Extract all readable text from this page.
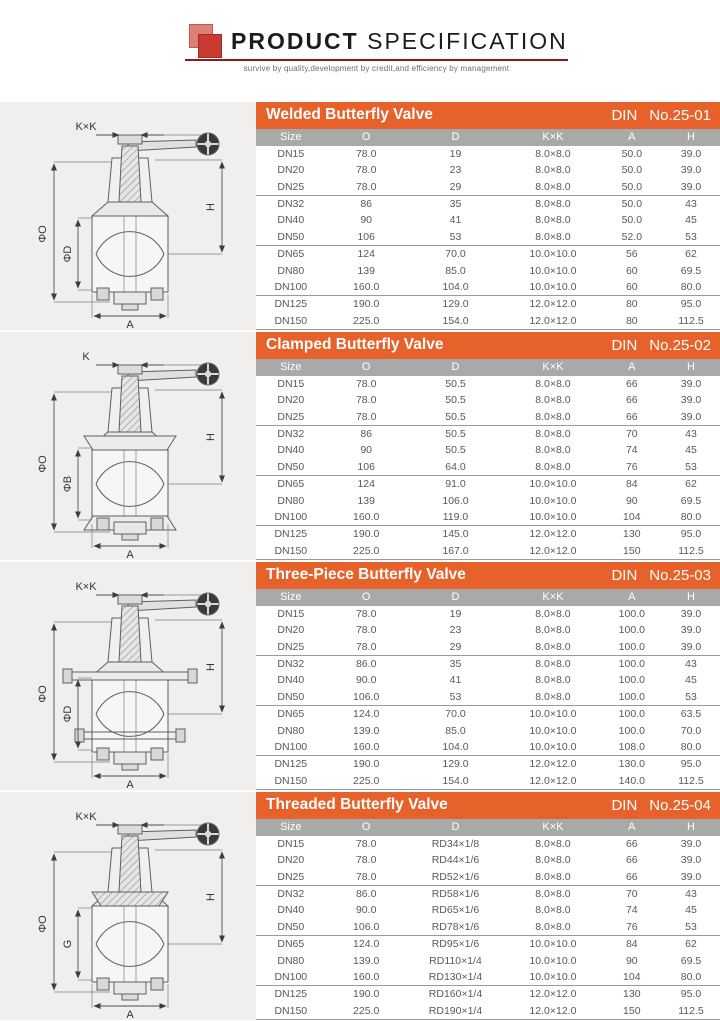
PRODUCT SPECIFICATION
survive by quality,development by credit,and efficiency by management
K×K
ΦO
ΦD
H
A
Welded Butterfly Valve	DIN No.25-01
Size	O	D	K×K	A	H
DN15	78.0	19	8.0×8.0	50.0	39.0
DN20	78.0	23	8.0×8.0	50.0	39.0
DN25	78.0	29	8.0×8.0	50.0	39.0
DN32	86	35	8.0×8.0	50.0	43
DN40	90	41	8.0×8.0	50.0	45
DN50	106	53	8.0×8.0	52.0	53
DN65	124	70.0	10.0×10.0	56	62
DN80	139	85.0	10.0×10.0	60	69.5
DN100	160.0	104.0	10.0×10.0	60	80.0
DN125	190.0	129.0	12.0×12.0	80	95.0
DN150	225.0	154.0	12.0×12.0	80	112.5
K
ΦO
ΦB
H
A
Clamped Butterfly Valve	DIN No.25-02
Size	O	D	K×K	A	H
DN15	78.0	50.5	8.0×8.0	66	39.0
DN20	78.0	50.5	8.0×8.0	66	39.0
DN25	78.0	50.5	8.0×8.0	66	39.0
DN32	86	50.5	8.0×8.0	70	43
DN40	90	50.5	8.0×8.0	74	45
DN50	106	64.0	8.0×8.0	76	53
DN65	124	91.0	10.0×10.0	84	62
DN80	139	106.0	10.0×10.0	90	69.5
DN100	160.0	119.0	10.0×10.0	104	80.0
DN125	190.0	145.0	12.0×12.0	130	95.0
DN150	225.0	167.0	12.0×12.0	150	112.5
K×K
ΦO
ΦD
H
A
Three-Piece Butterfly Valve	DIN No.25-03
Size	O	D	K×K	A	H
DN15	78.0	19	8.0×8.0	100.0	39.0
DN20	78.0	23	8.0×8.0	100.0	39.0
DN25	78.0	29	8.0×8.0	100.0	39.0
DN32	86.0	35	8.0×8.0	100.0	43
DN40	90.0	41	8.0×8.0	100.0	45
DN50	106.0	53	8.0×8.0	100.0	53
DN65	124.0	70.0	10.0×10.0	100.0	63.5
DN80	139.0	85.0	10.0×10.0	100.0	70.0
DN100	160.0	104.0	10.0×10.0	108.0	80.0
DN125	190.0	129.0	12.0×12.0	130.0	95.0
DN150	225.0	154.0	12.0×12.0	140.0	112.5
K×K
ΦO
G
H
A
Threaded Butterfly Valve	DIN No.25-04
Size	O	D	K×K	A	H
DN15	78.0	RD34×1/8	8.0×8.0	66	39.0
DN20	78.0	RD44×1/6	8.0×8.0	66	39.0
DN25	78.0	RD52×1/6	8.0×8.0	66	39.0
DN32	86.0	RD58×1/6	8.0×8.0	70	43
DN40	90.0	RD65×1/6	8.0×8.0	74	45
DN50	106.0	RD78×1/6	8.0×8.0	76	53
DN65	124.0	RD95×1/6	10.0×10.0	84	62
DN80	139.0	RD110×1/4	10.0×10.0	90	69.5
DN100	160.0	RD130×1/4	10.0×10.0	104	80.0
DN125	190.0	RD160×1/4	12.0×12.0	130	95.0
DN150	225.0	RD190×1/4	12.0×12.0	150	112.5
